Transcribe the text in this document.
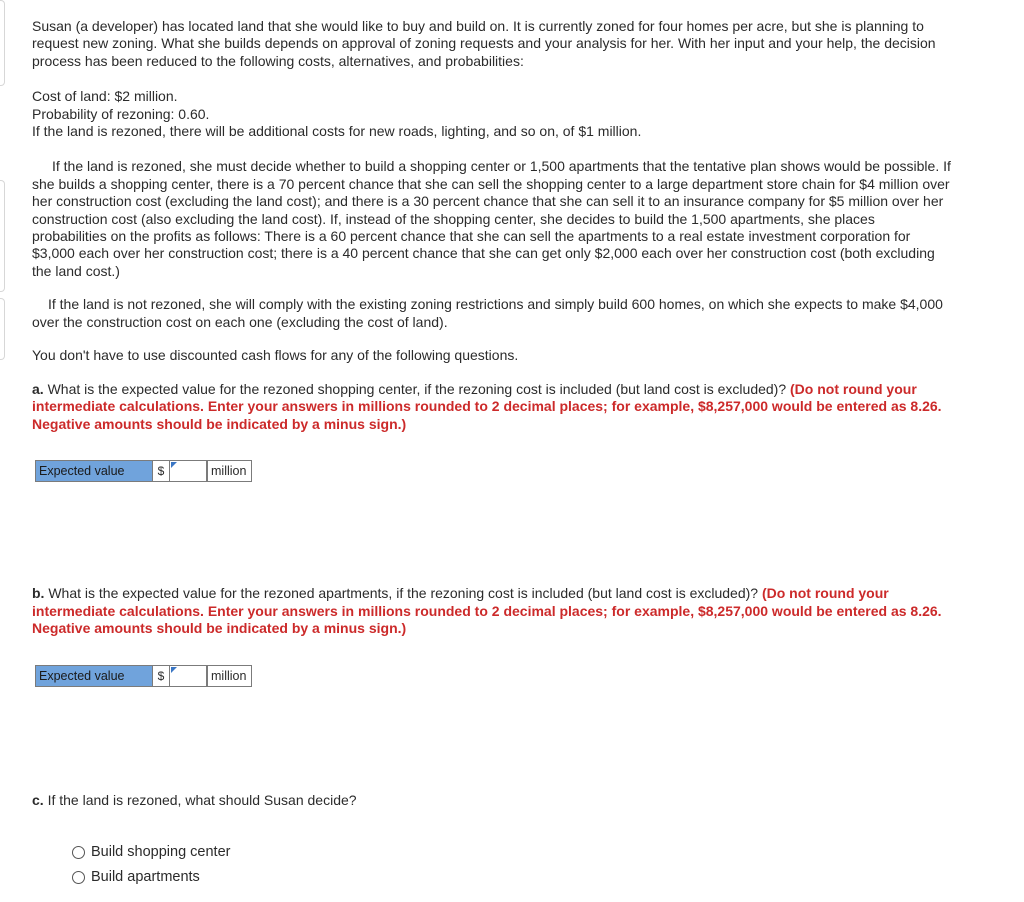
Susan (a developer) has located land that she would like to buy and build on. It is currently zoned for four homes per acre, but she is planning to request new zoning. What she builds depends on approval of zoning requests and your analysis for her. With her input and your help, the decision process has been reduced to the following costs, alternatives, and probabilities:

Cost of land: $2 million.

Probability of rezoning: 0.60.

If the land is rezoned, there will be additional costs for new roads, lighting, and so on, of $1 million.

If the land is rezoned, she must decide whether to build a shopping center or 1,500 apartments that the tentative plan shows would be possible. If she builds a shopping center, there is a 70 percent chance that she can sell the shopping center to a large department store chain for $4 million over her construction cost (excluding the land cost); and there is a 30 percent chance that she can sell it to an insurance company for $5 million over her construction cost (also excluding the land cost). If, instead of the shopping center, she decides to build the 1,500 apartments, she places probabilities on the profits as follows: There is a 60 percent chance that she can sell the apartments to a real estate investment corporation for $3,000 each over her construction cost; there is a 40 percent chance that she can get only $2,000 each over her construction cost (both excluding the land cost.)

If the land is not rezoned, she will comply with the existing zoning restrictions and simply build 600 homes, on which she expects to make $4,000 over the construction cost on each one (excluding the cost of land).

You don't have to use discounted cash flows for any of the following questions.

a. What is the expected value for the rezoned shopping center, if the rezoning cost is included (but land cost is excluded)? (Do not round your intermediate calculations. Enter your answers in millions rounded to 2 decimal places; for example, $8,257,000 would be entered as 8.26. Negative amounts should be indicated by a minus sign.)

Expected value	$	million

b. What is the expected value for the rezoned apartments, if the rezoning cost is included (but land cost is excluded)? (Do not round your intermediate calculations. Enter your answers in millions rounded to 2 decimal places; for example, $8,257,000 would be entered as 8.26. Negative amounts should be indicated by a minus sign.)

Expected value	$	million

c. If the land is rezoned, what should Susan decide?

Build shopping center
Build apartments
